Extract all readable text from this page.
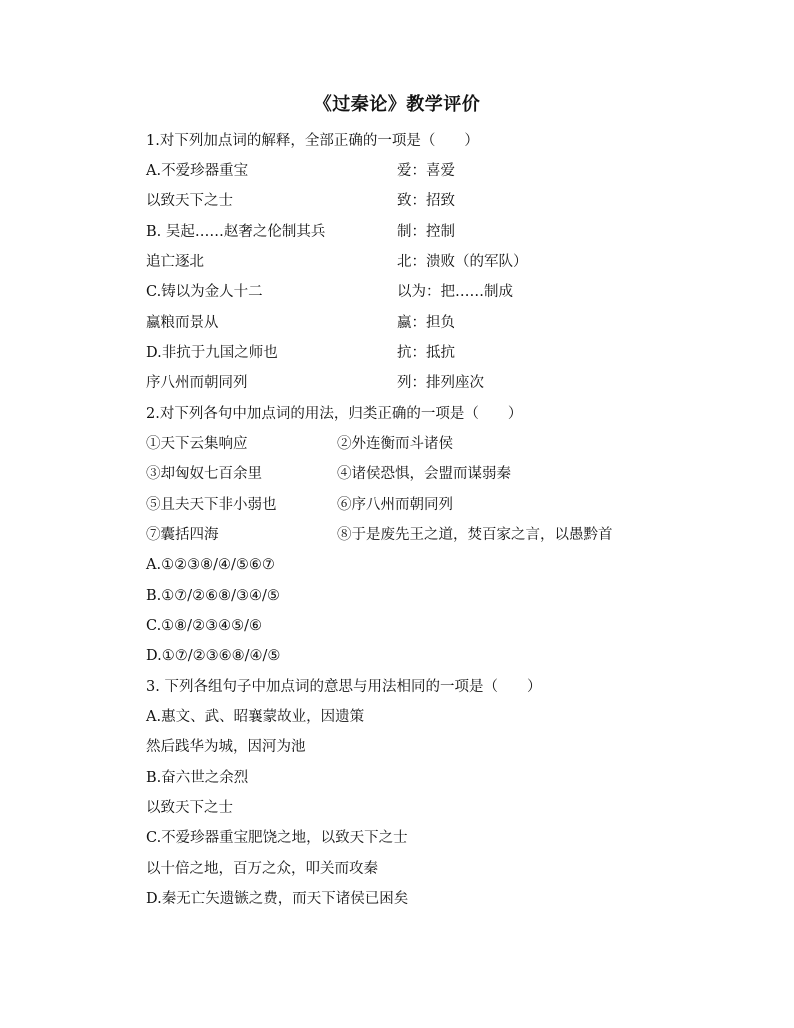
《过秦论》教学评价
1.对下列加点词的解释，全部正确的一项是（　　）
A.不爱珍器重宝	爱：喜爱
以致天下之士	致：招致
B. 吴起……赵奢之伦制其兵	制：控制
追亡逐北	北：溃败（的军队）
C.铸以为金人十二	以为：把……制成
蠃粮而景从	蠃：担负
D.非抗于九国之师也	抗：抵抗
序八州而朝同列	列：排列座次
2.对下列各句中加点词的用法，归类正确的一项是（　　）
①天下云集响应	②外连衡而斗诸侯
③却匈奴七百余里	④诸侯恐惧，会盟而谋弱秦
⑤且夫天下非小弱也	⑥序八州而朝同列
⑦囊括四海	⑧于是废先王之道，焚百家之言，以愚黔首
A.①②③⑧/④/⑤⑥⑦
B.①⑦/②⑥⑧/③④/⑤
C.①⑧/②③④⑤/⑥
D.①⑦/②③⑥⑧/④/⑤
3. 下列各组句子中加点词的意思与用法相同的一项是（　　）
A.惠文、武、昭襄蒙故业，因遗策
然后践华为城，因河为池
B.奋六世之余烈
以致天下之士
C.不爱珍器重宝肥饶之地，以致天下之士
以十倍之地，百万之众，叩关而攻秦
D.秦无亡矢遗镞之费，而天下诸侯已困矣
